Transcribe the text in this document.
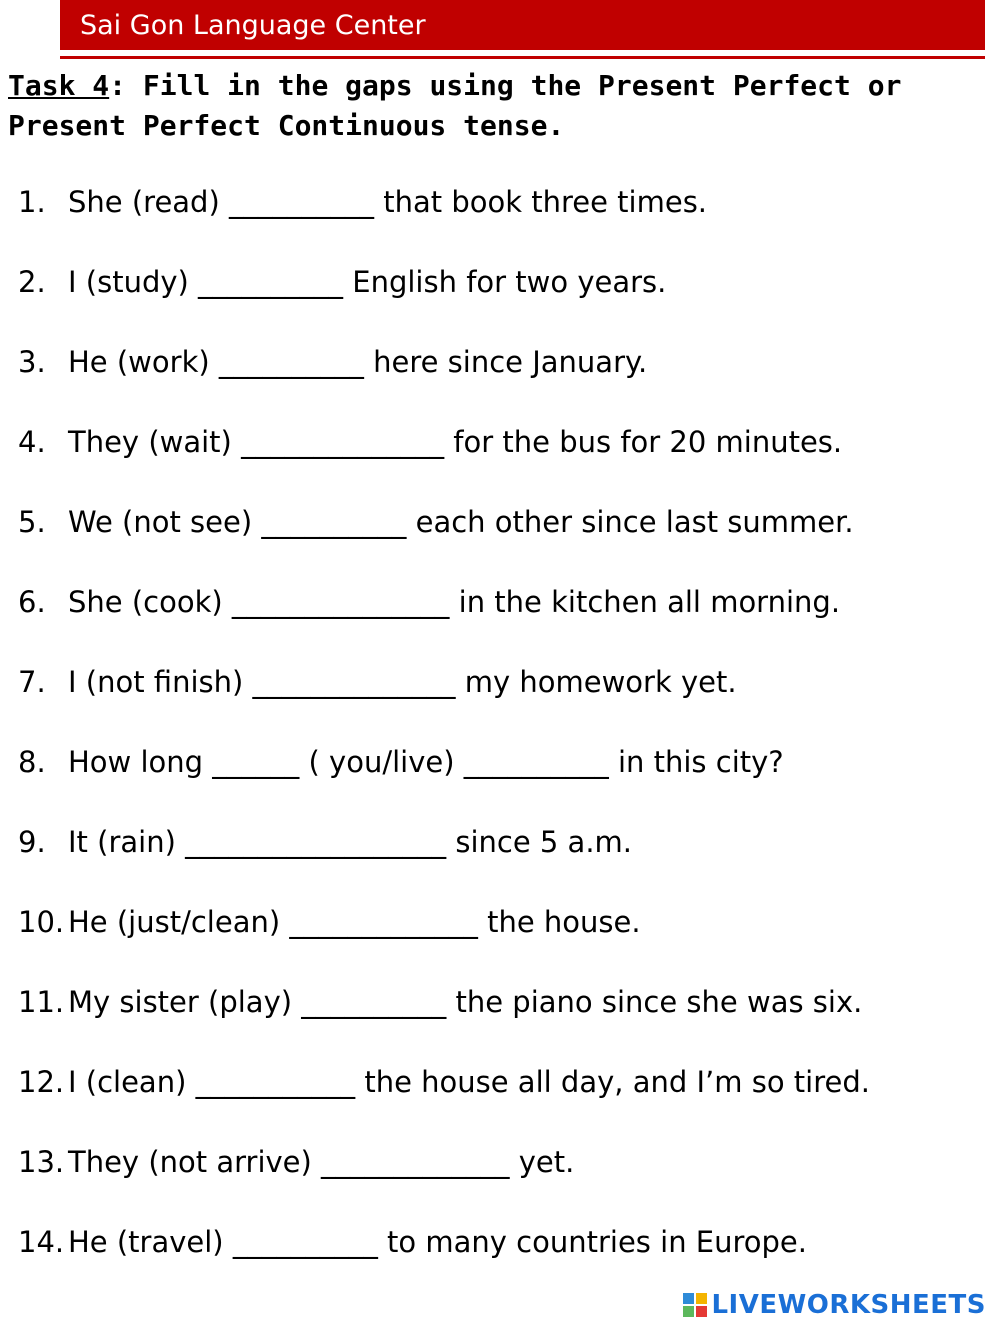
Sai Gon Language Center
Task 4: Fill in the gaps using the Present Perfect or Present Perfect Continuous tense.
1. She (read) __________ that book three times.
2. I (study) __________ English for two years.
3. He (work) __________ here since January.
4. They (wait) ______________ for the bus for 20 minutes.
5. We (not see) __________ each other since last summer.
6. She (cook) _______________ in the kitchen all morning.
7. I (not finish) ______________ my homework yet.
8. How long ______ ( you/live) __________ in this city?
9. It (rain) __________________ since 5 a.m.
10. He (just/clean) _____________ the house.
11. My sister (play) __________ the piano since she was six.
12. I (clean) ___________ the house all day, and I’m so tired.
13. They (not arrive) _____________ yet.
14. He (travel) __________ to many countries in Europe.
LIVEWORKSHEETS
